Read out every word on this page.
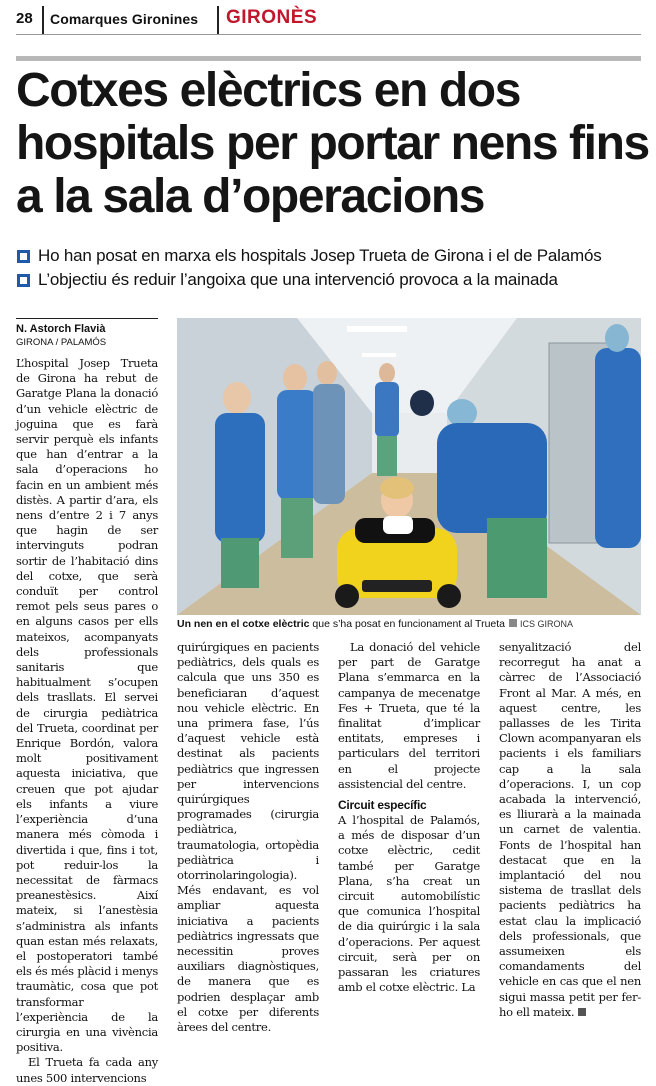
28 Comarques Gironines GIRONÈS
Cotxes elèctrics en dos hospitals per portar nens fins a la sala d’operacions
Ho han posat en marxa els hospitals Josep Trueta de Girona i el de Palamós
L’objectiu és reduir l’angoixa que una intervenció provoca a la mainada
N. Astorch Flavià
GIRONA / PALAMÓS
Un nen en el cotxe elèctric que s’ha posat en funcionament al Trueta ICS GIRONA

L’hospital Josep Trueta de Girona ha rebut de Garatge Plana la donació d’un vehicle elèctric de joguina que es farà servir perquè els infants que han d’entrar a la sala d’operacions ho facin en un ambient més distès. A partir d’ara, els nens d’entre 2 i 7 anys que hagin de ser intervinguts podran sortir de l’habitació dins del cotxe, que serà conduït per control remot pels seus pares o en alguns casos per ells mateixos, acompanyats dels professionals sanitaris que habitualment s’ocupen dels trasllats. El servei de cirurgia pediàtrica del Trueta, coordinat per Enrique Bordón, valora molt positivament aquesta iniciativa, que creuen que pot ajudar els infants a viure l’experiència d’una manera més còmoda i divertida i que, fins i tot, pot reduir-los la necessitat de fàrmacs preanestèsics. Així mateix, si l’anestèsia s’administra als infants quan estan més relaxats, el postoperatori també els és més plàcid i menys traumàtic, cosa que pot transformar l’experiència de la cirurgia en una vivència positiva.

El Trueta fa cada any unes 500 intervencions

quirúrgiques en pacients pediàtrics, dels quals es calcula que uns 350 es beneficiaran d’aquest nou vehicle elèctric. En una primera fase, l’ús d’aquest vehicle està destinat als pacients pediàtrics que ingressen per intervencions quirúrgiques programades (cirurgia pediàtrica, traumatologia, ortopèdia pediàtrica i otorrinolaringologia). Més endavant, es vol ampliar aquesta iniciativa a pacients pediàtrics ingressats que necessitin proves auxiliars diagnòstiques, de manera que es podrien desplaçar amb el cotxe per diferents àrees del centre.

La donació del vehicle per part de Garatge Plana s’emmarca en la campanya de mecenatge Fes + Trueta, que té la finalitat d’implicar entitats, empreses i particulars del territori en el projecte assistencial del centre.

Circuit específic

A l’hospital de Palamós, a més de disposar d’un cotxe elèctric, cedit també per Garatge Plana, s’ha creat un circuit automobilístic que comunica l’hospital de dia quirúrgic i la sala d’operacions. Per aquest circuit, serà per on passaran les criatures amb el cotxe elèctric. La

senyalització del recorregut ha anat a càrrec de l’Associació Front al Mar. A més, en aquest centre, les pallasses de les Tirita Clown acompanyaran els pacients i els familiars cap a la sala d’operacions. I, un cop acabada la intervenció, es lliurarà a la mainada un carnet de valentia. Fonts de l’hospital han destacat que en la implantació del nou sistema de trasllat dels pacients pediàtrics ha estat clau la implicació dels professionals, que assumeixen els comandaments del vehicle en cas que el nen sigui massa petit per fer-ho ell mateix.
